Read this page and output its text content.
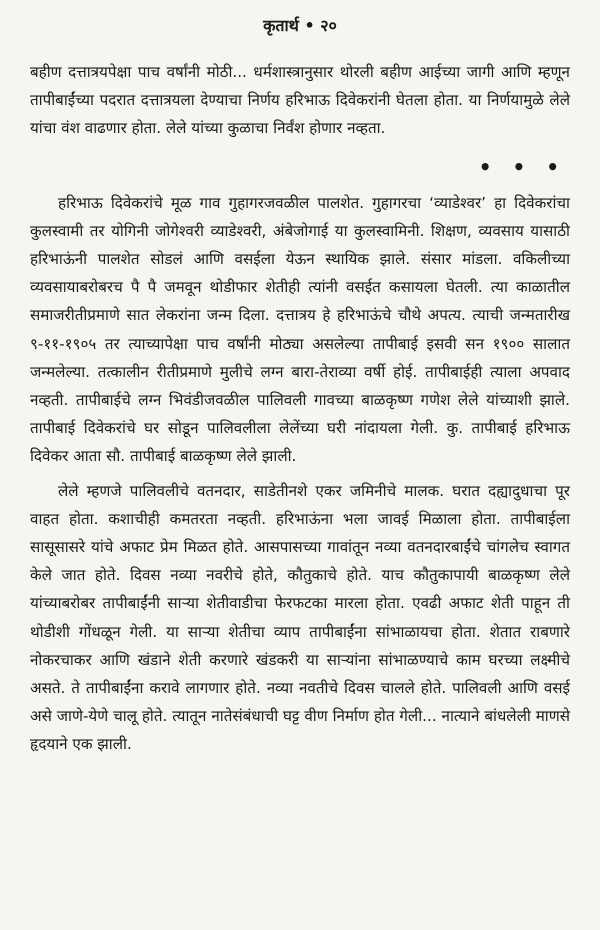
कृतार्थ • २०

बहीण दत्तात्रयपेक्षा पाच वर्षांनी मोठी... धर्मशास्त्रानुसार थोरली बहीण आईच्या जागी आणि म्हणून तापीबाईंच्या पदरात दत्तात्रयला देण्याचा निर्णय हरिभाऊ दिवेकरांनी घेतला होता. या निर्णयामुळे लेले यांचा वंश वाढणार होता. लेले यांच्या कुळाचा निर्वंश होणार नव्हता.

• • •

हरिभाऊ दिवेकरांचे मूळ गाव गुहागरजवळील पालशेत. गुहागरचा ‘व्याडेश्वर’ हा दिवेकरांचा कुलस्वामी तर योगिनी जोगेश्वरी व्याडेश्वरी, अंबेजोगाई या कुलस्वामिनी. शिक्षण, व्यवसाय यासाठी हरिभाऊंनी पालशेत सोडलं आणि वसईला येऊन स्थायिक झाले. संसार मांडला. वकिलीच्या व्यवसायाबरोबरच पै पै जमवून थोडीफार शेतीही त्यांनी वसईत कसायला घेतली. त्या काळातील समाजरीतीप्रमाणे सात लेकरांना जन्म दिला. दत्तात्रय हे हरिभाऊंचे चौथे अपत्य. त्याची जन्मतारीख ९-११-१९०५ तर त्याच्यापेक्षा पाच वर्षांनी मोठ्या असलेल्या तापीबाई इसवी सन १९०० सालात जन्मलेल्या. तत्कालीन रीतीप्रमाणे मुलीचे लग्न बारा-तेराव्या वर्षी होई. तापीबाईही त्याला अपवाद नव्हती. तापीबाईचे लग्न भिवंडीजवळील पालिवली गावच्या बाळकृष्ण गणेश लेले यांच्याशी झाले. तापीबाई दिवेकरांचे घर सोडून पालिवलीला लेलेंच्या घरी नांदायला गेली. कु. तापीबाई हरिभाऊ दिवेकर आता सौ. तापीबाई बाळकृष्ण लेले झाली.

लेले म्हणजे पालिवलीचे वतनदार, साडेतीनशे एकर जमिनीचे मालक. घरात दह्यादुधाचा पूर वाहत होता. कशाचीही कमतरता नव्हती. हरिभाऊंना भला जावई मिळाला होता. तापीबाईला सासूसासरे यांचे अफाट प्रेम मिळत होते. आसपासच्या गावांतून नव्या वतनदारबाईंचे चांगलेच स्वागत केले जात होते. दिवस नव्या नवरीचे होते, कौतुकाचे होते. याच कौतुकापायी बाळकृष्ण लेले यांच्याबरोबर तापीबाईंनी साऱ्या शेतीवाडीचा फेरफटका मारला होता. एवढी अफाट शेती पाहून ती थोडीशी गोंधळून गेली. या साऱ्या शेतीचा व्याप तापीबाईंना सांभाळायचा होता. शेतात राबणारे नोकरचाकर आणि खंडाने शेती करणारे खंडकरी या साऱ्यांना सांभाळण्याचे काम घरच्या लक्ष्मीचे असते. ते तापीबाईंना करावे लागणार होते. नव्या नवतीचे दिवस चालले होते. पालिवली आणि वसई असे जाणे-येणे चालू होते. त्यातून नातेसंबंधाची घट्ट वीण निर्माण होत गेली... नात्याने बांधलेली माणसे हृदयाने एक झाली.
